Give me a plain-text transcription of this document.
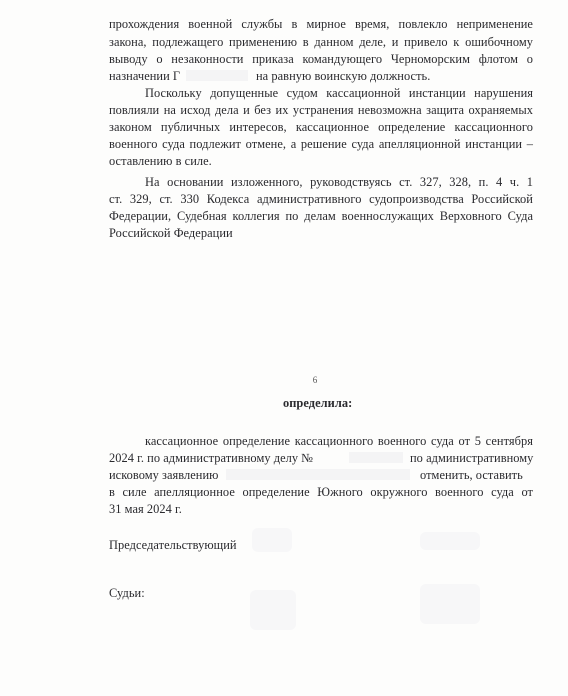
прохождения военной службы в мирное время, повлекло неприменение
закона, подлежащего применению в данном деле, и привело к ошибочному
выводу о незаконности приказа командующего Черноморским флотом о
назначении Г	на равную воинскую должность.
Поскольку допущенные судом кассационной инстанции нарушения
повлияли на исход дела и без их устранения невозможна защита охраняемых
законом публичных интересов, кассационное определение кассационного
военного суда подлежит отмене, а решение суда апелляционной инстанции –
оставлению в силе.
На основании изложенного, руководствуясь ст. 327, 328, п. 4 ч. 1
ст. 329, ст. 330 Кодекса административного судопроизводства Российской
Федерации, Судебная коллегия по делам военнослужащих Верховного Суда
Российской Федерации
6
определила:
кассационное определение кассационного военного суда от 5 сентября
2024 г. по административному делу №	по административному
исковому заявлению	отменить, оставить
в силе апелляционное определение Южного окружного военного суда от
31 мая 2024 г.
Председательствующий
Судьи:
